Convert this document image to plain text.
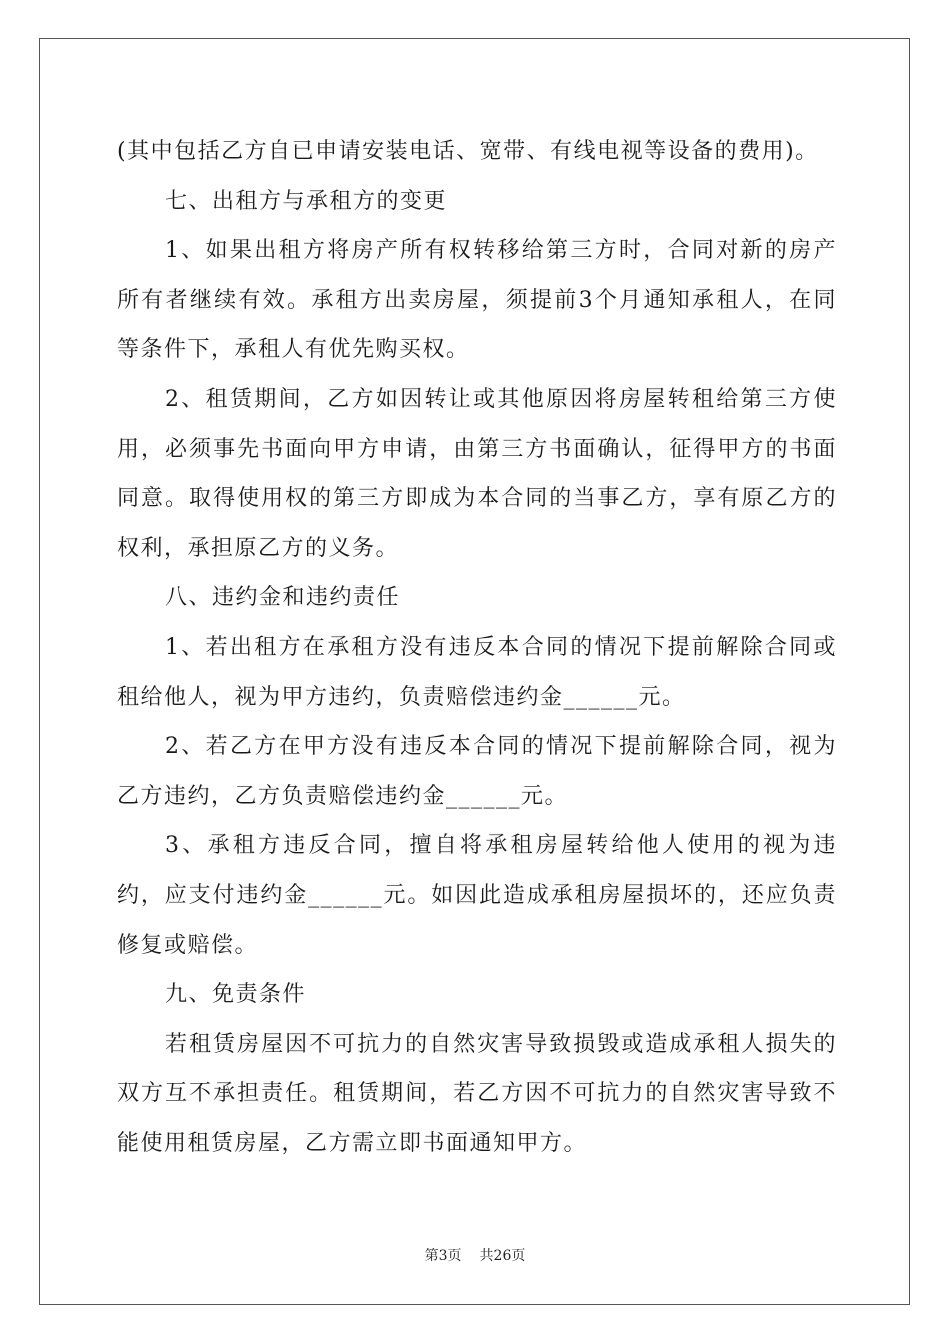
(其中包括乙方自已申请安装电话、宽带、有线电视等设备的费用)。

七、出租方与承租方的变更

1、如果出租方将房产所有权转移给第三方时，合同对新的房产所有者继续有效。承租方出卖房屋，须提前3个月通知承租人，在同等条件下，承租人有优先购买权。

2、租赁期间，乙方如因转让或其他原因将房屋转租给第三方使用，必须事先书面向甲方申请，由第三方书面确认，征得甲方的书面同意。取得使用权的第三方即成为本合同的当事乙方，享有原乙方的权利，承担原乙方的义务。

八、违约金和违约责任

1、若出租方在承租方没有违反本合同的情况下提前解除合同或租给他人，视为甲方违约，负责赔偿违约金______元。

2、若乙方在甲方没有违反本合同的情况下提前解除合同，视为乙方违约，乙方负责赔偿违约金______元。

3、承租方违反合同，擅自将承租房屋转给他人使用的视为违约，应支付违约金______元。如因此造成承租房屋损坏的，还应负责修复或赔偿。

九、免责条件

若租赁房屋因不可抗力的自然灾害导致损毁或造成承租人损失的双方互不承担责任。租赁期间，若乙方因不可抗力的自然灾害导致不能使用租赁房屋，乙方需立即书面通知甲方。

第3页 共26页
